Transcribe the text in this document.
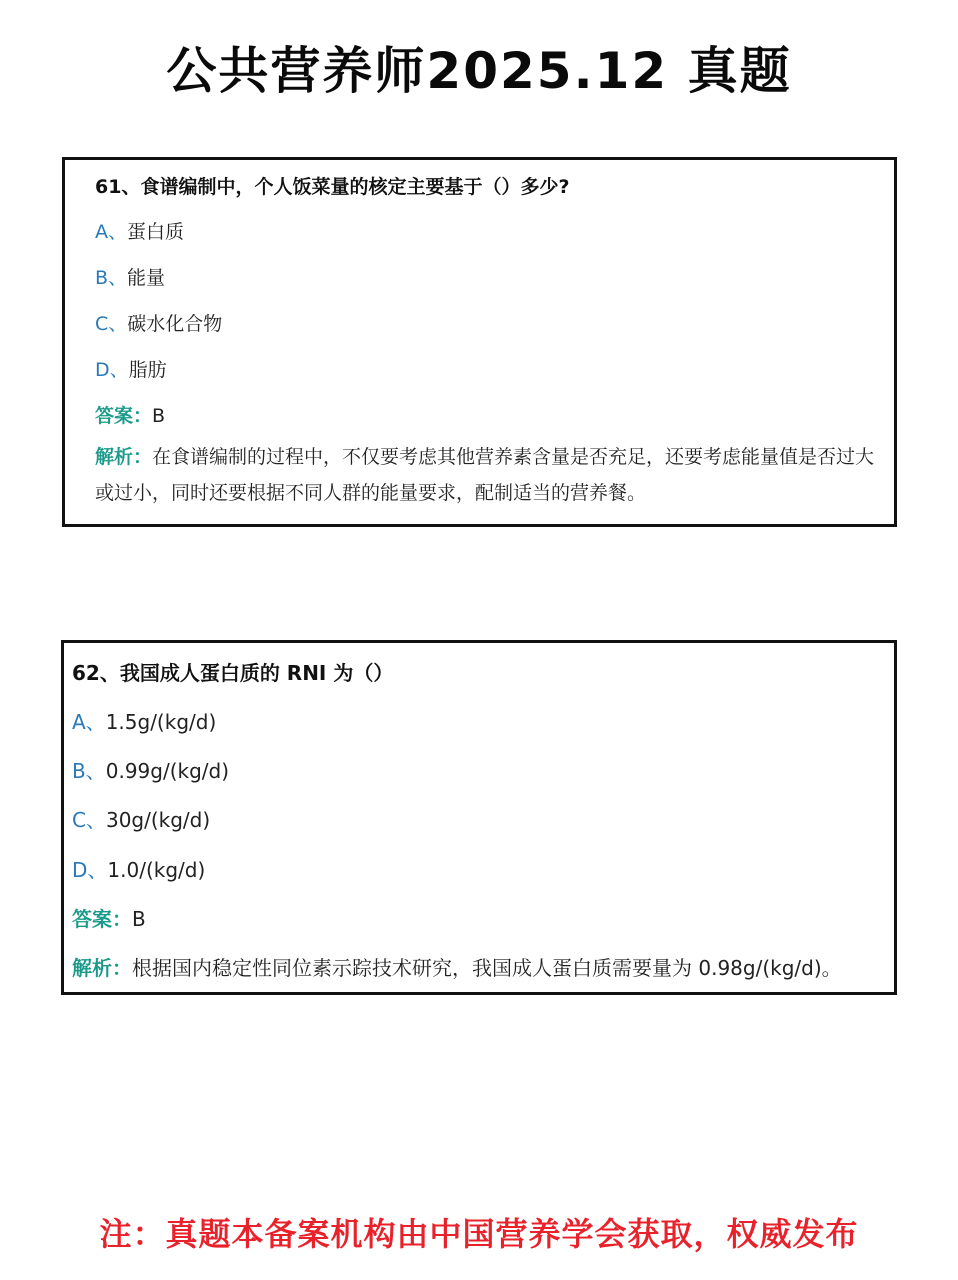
公共营养师2025.12 真题
61、食谱编制中，个人饭菜量的核定主要基于（）多少?
A、蛋白质
B、能量
C、碳水化合物
D、脂肪
答案：B
解析：在食谱编制的过程中，不仅要考虑其他营养素含量是否充足，还要考虑能量值是否过大或过小，同时还要根据不同人群的能量要求，配制适当的营养餐。
62、我国成人蛋白质的 RNI 为（）
A、1.5g/(kg/d)
B、0.99g/(kg/d)
C、30g/(kg/d)
D、1.0/(kg/d)
答案：B
解析：根据国内稳定性同位素示踪技术研究，我国成人蛋白质需要量为 0.98g/(kg/d)。
注：真题本备案机构由中国营养学会获取，权威发布
